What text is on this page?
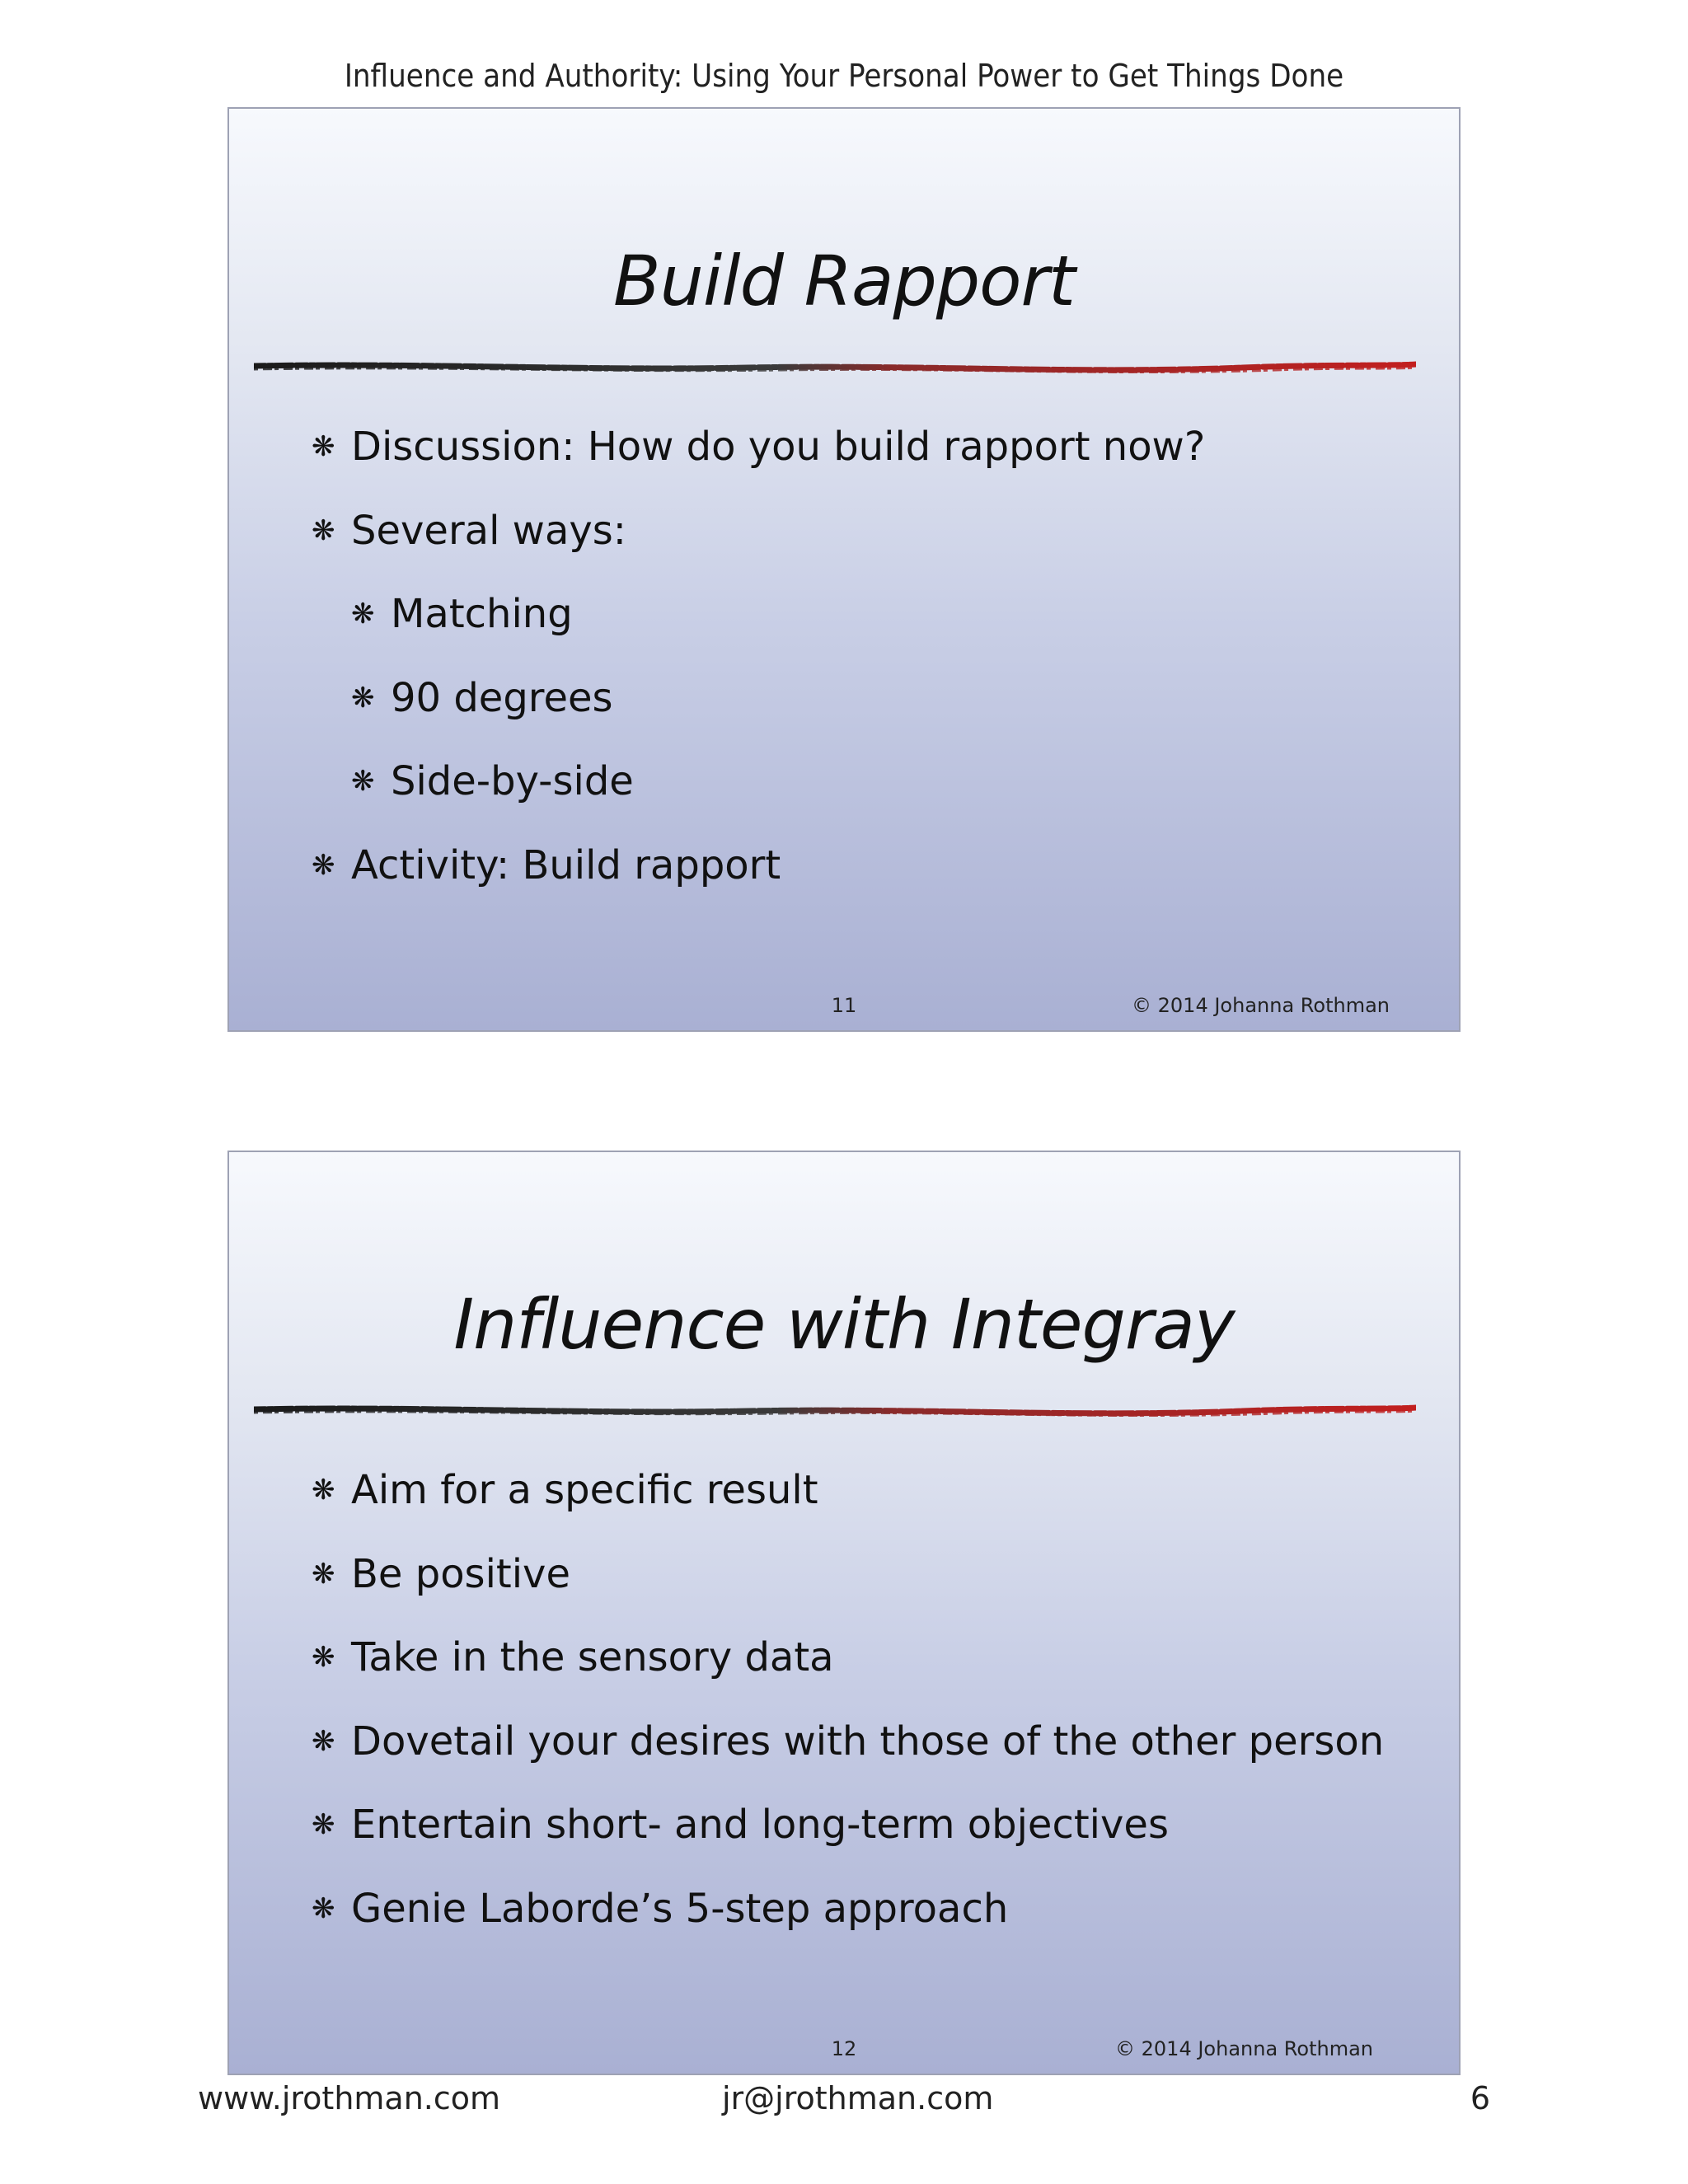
Influence and Authority: Using Your Personal Power to Get Things Done
Build Rapport
❋ Discussion: How do you build rapport now?
❋ Several ways:
❋ Matching
❋ 90 degrees
❋ Side-by-side
❋ Activity: Build rapport
11	© 2014 Johanna Rothman
Influence with Integray
❋ Aim for a specific result
❋ Be positive
❋ Take in the sensory data
❋ Dovetail your desires with those of the other person
❋ Entertain short- and long-term objectives
❋ Genie Laborde’s 5-step approach
12	© 2014 Johanna Rothman
www.jrothman.com	jr@jrothman.com	6
